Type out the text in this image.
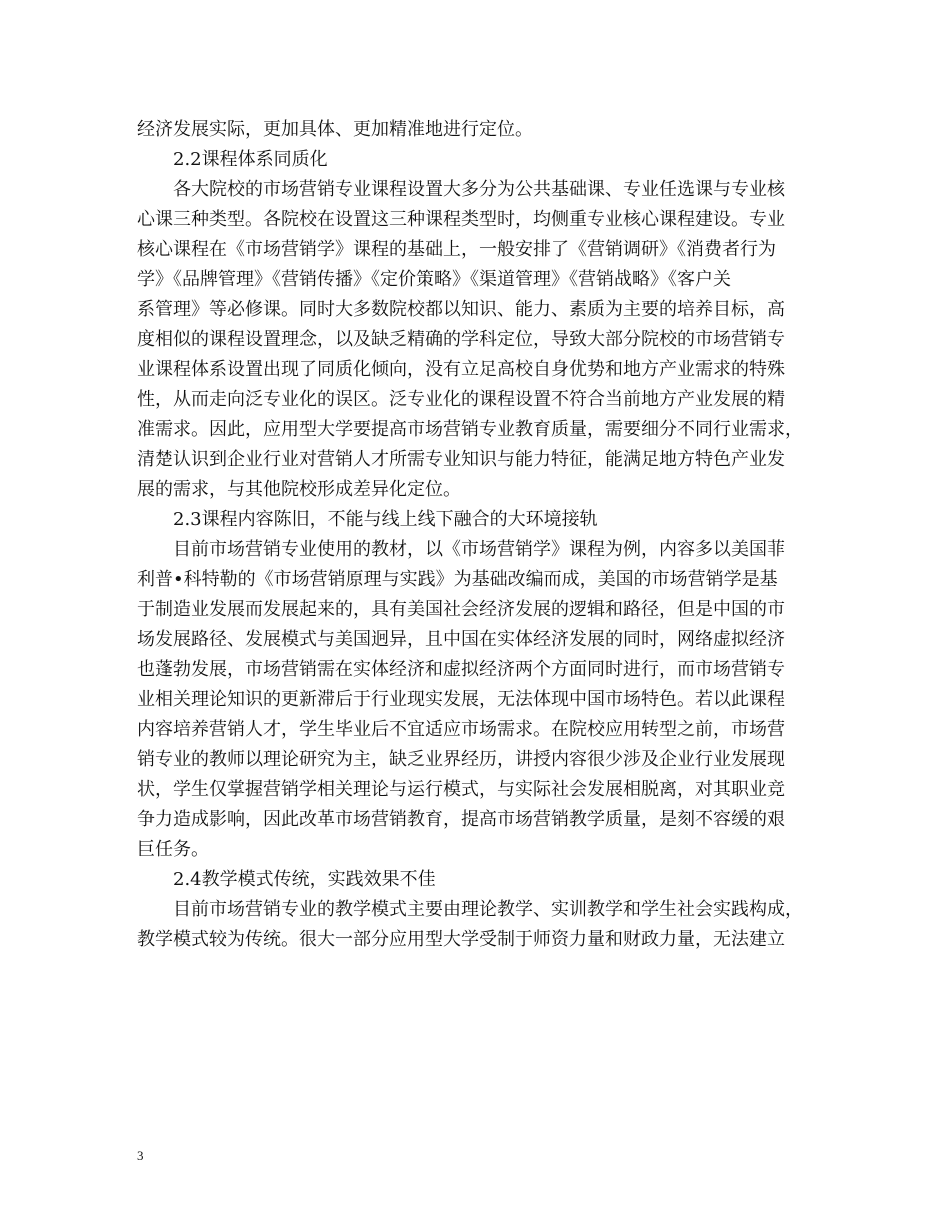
经济发展实际，更加具体、更加精准地进行定位。
2.2课程体系同质化
各大院校的市场营销专业课程设置大多分为公共基础课、专业任选课与专业核
心课三种类型。各院校在设置这三种课程类型时，均侧重专业核心课程建设。专业
核心课程在《市场营销学》课程的基础上，一般安排了《营销调研》《消费者行为
学》《品牌管理》《营销传播》《定价策略》《渠道管理》《营销战略》《客户关
系管理》等必修课。同时大多数院校都以知识、能力、素质为主要的培养目标，高
度相似的课程设置理念，以及缺乏精确的学科定位，导致大部分院校的市场营销专
业课程体系设置出现了同质化倾向，没有立足高校自身优势和地方产业需求的特殊
性，从而走向泛专业化的误区。泛专业化的课程设置不符合当前地方产业发展的精
准需求。因此，应用型大学要提高市场营销专业教育质量，需要细分不同行业需求，
清楚认识到企业行业对营销人才所需专业知识与能力特征，能满足地方特色产业发
展的需求，与其他院校形成差异化定位。
2.3课程内容陈旧，不能与线上线下融合的大环境接轨
目前市场营销专业使用的教材，以《市场营销学》课程为例，内容多以美国菲
利普•科特勒的《市场营销原理与实践》为基础改编而成，美国的市场营销学是基
于制造业发展而发展起来的，具有美国社会经济发展的逻辑和路径，但是中国的市
场发展路径、发展模式与美国迥异，且中国在实体经济发展的同时，网络虚拟经济
也蓬勃发展，市场营销需在实体经济和虚拟经济两个方面同时进行，而市场营销专
业相关理论知识的更新滞后于行业现实发展，无法体现中国市场特色。若以此课程
内容培养营销人才，学生毕业后不宜适应市场需求。在院校应用转型之前，市场营
销专业的教师以理论研究为主，缺乏业界经历，讲授内容很少涉及企业行业发展现
状，学生仅掌握营销学相关理论与运行模式，与实际社会发展相脱离，对其职业竞
争力造成影响，因此改革市场营销教育，提高市场营销教学质量，是刻不容缓的艰
巨任务。
2.4教学模式传统，实践效果不佳
目前市场营销专业的教学模式主要由理论教学、实训教学和学生社会实践构成，
教学模式较为传统。很大一部分应用型大学受制于师资力量和财政力量，无法建立
3
